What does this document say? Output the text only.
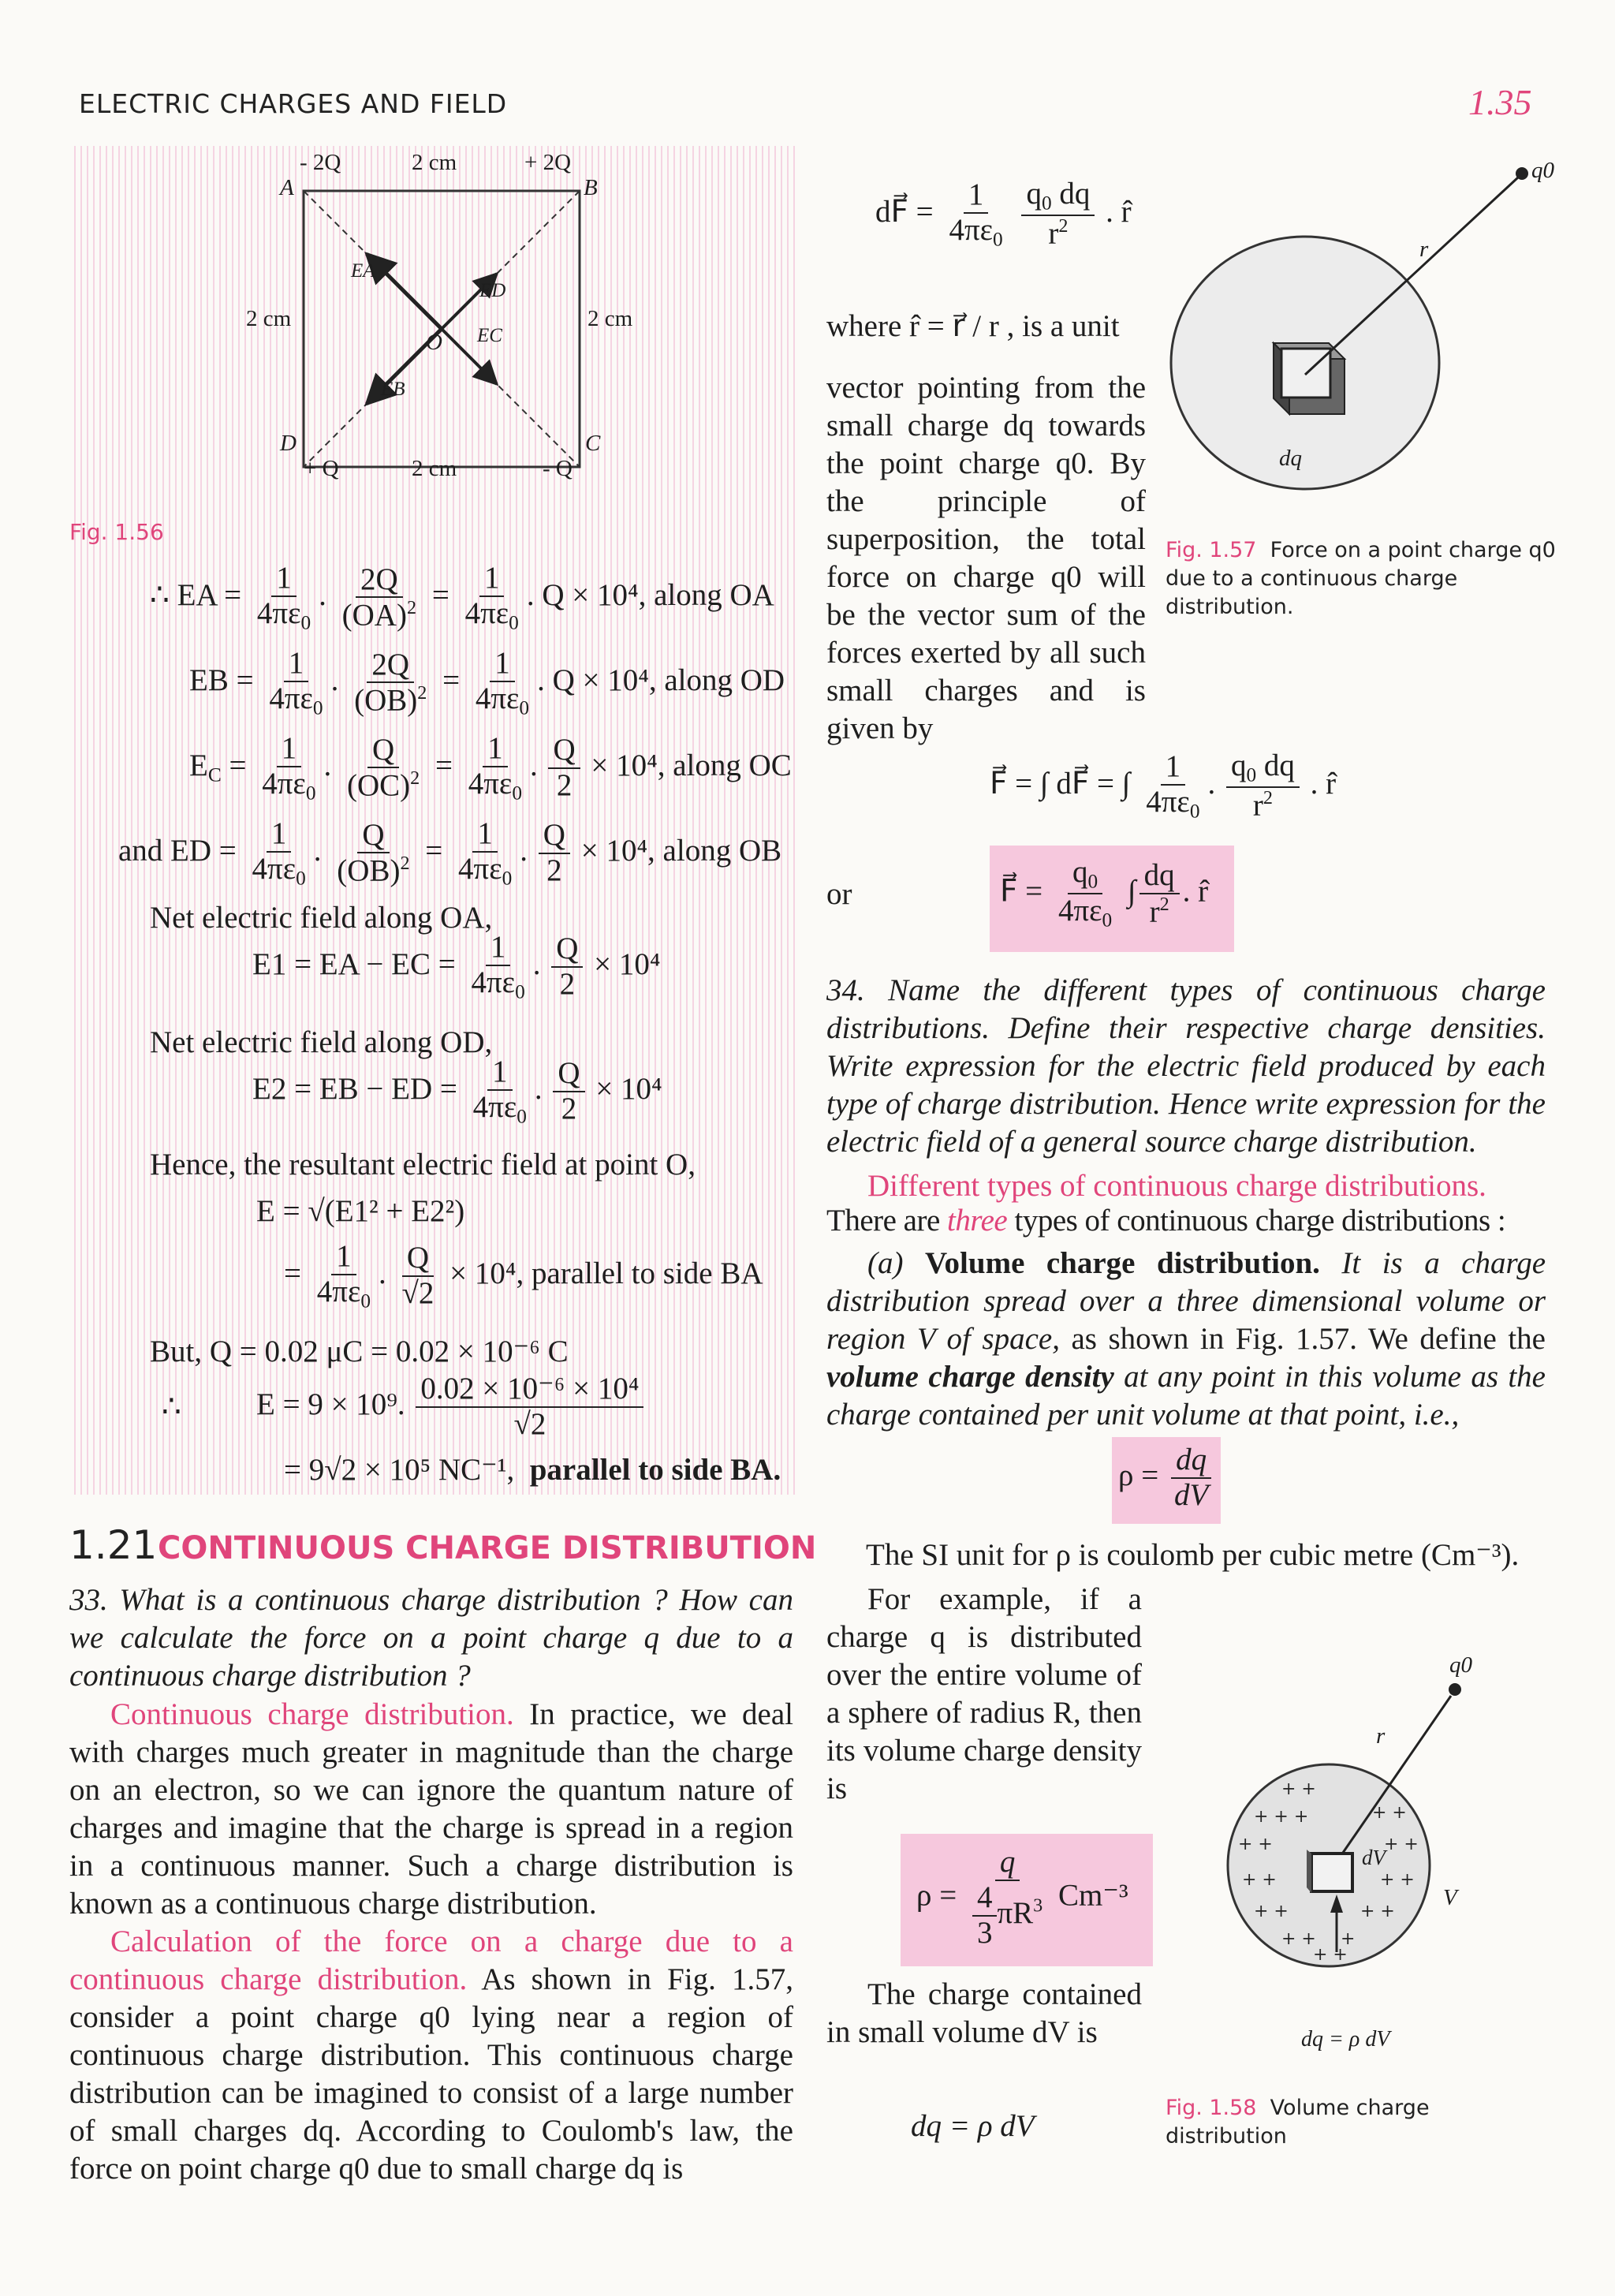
ELECTRIC CHARGES AND FIELD	1.35
- 2Q	2 cm	+ 2Q
A	B
2 cm	2 cm
EA
ED
EC
O
EB
D	C
+ Q	2 cm	- Q
Fig. 1.56
∴ EA = $\frac{1}{4\pi\varepsilon_0}$ . $\frac{2Q}{(OA)^2} = \frac{1}{4\pi\varepsilon_0}$ . Q × 10⁴, along OA
EB = $\frac{1}{4\pi\varepsilon_0}$ . $\frac{2Q}{(OB)^2} = \frac{1}{4\pi\varepsilon_0}$ . Q × 10⁴, along OD
$E_C = \frac{1}{4\pi\varepsilon_0}$ . $\frac{Q}{(OC)^2} = \frac{1}{4\pi\varepsilon_0}$ . $\frac{Q}{2} \times 10^4$, along OC
and ED = $\frac{1}{4\pi\varepsilon_0}$ . $\frac{Q}{(OB)^2} = \frac{1}{4\pi\varepsilon_0}$ . $\frac{Q}{2} \times 10^4$, along OB
Net electric field along OA,
E1 = EA − EC = $\frac{1}{4\pi\varepsilon_0}$ . $\frac{Q}{2} \times 10^4$
Net electric field along OD,
E2 = EB − ED = $\frac{1}{4\pi\varepsilon_0}$ . $\frac{Q}{2} \times 10^4$
Hence, the resultant electric field at point O,
E = √(E1² + E2²)
= $\frac{1}{4\pi\varepsilon_0}$ . $\frac{Q}{√2} \times 10^4$, parallel to side BA
But, Q = 0.02 μC = 0.02 × 10⁻⁶ C
∴ E = 9 × 10⁹. $\frac{\text{0.02 × 10⁻⁶ × 10⁴}}{√2}$
= 9√2 × 10⁵ NC⁻¹, parallel to side BA.
1.21 CONTINUOUS CHARGE DISTRIBUTION
33. What is a continuous charge distribution ? How can we calculate the force on a point charge q due to a continuous charge distribution ?
Continuous charge distribution. In practice, we deal with charges much greater in magnitude than the charge on an electron, so we can ignore the quantum nature of charges and imagine that the charge is spread in a region in a continuous manner. Such a charge distribution is known as a continuous charge distribution.
Calculation of the force on a charge due to a continuous charge distribution. As shown in Fig. 1.57, consider a point charge q0 lying near a region of continuous charge distribution. This continuous charge distribution can be imagined to consist of a large number of small charges dq. According to Coulomb's law, the force on point charge q0 due to small charge dq is
dF⃗ = $\frac{1}{4\pi\varepsilon_0}$
$\frac{q_0 dq}{r^2}$ . r̂
where r̂ = r⃗ / r , is a unit
vector pointing from the small charge dq towards the point charge q0. By the principle of superposition, the total force on charge q0 will be the vector sum of the forces exerted by all such small charges and is given by
q0
r⃗
dq
Fig. 1.57 Force on a point charge q0 due to a continuous charge distribution.
F⃗ = ∫ dF⃗ = ∫ $\frac{1}{4\pi\varepsilon_0}$ . $\frac{q_0 dq}{r^2}$ . r̂
or	F⃗ = $\frac{q_0}{4\pi\varepsilon_0}$ ∫ $\frac{dq}{r^2}$ . r̂
34. Name the different types of continuous charge distributions. Define their respective charge densities. Write expression for the electric field produced by each type of charge distribution. Hence write expression for the electric field of a general source charge distribution.
Different types of continuous charge distributions.
There are three types of continuous charge distributions :
(a) Volume charge distribution. It is a charge distribution spread over a three dimensional volume or region V of space, as shown in Fig. 1.57. We define the volume charge density at any point in this volume as the charge contained per unit volume at that point, i.e.,
$\rho = \frac{dq}{dV}$
The SI unit for ρ is coulomb per cubic metre (Cm⁻³).
For example, if a charge q is distributed over the entire volume of a sphere of radius R, then its volume charge density is
$\rho = \frac{q}{\frac{4}{3} \pi R^3} Cm^{-3}$
The charge contained in small volume dV is
dq = ρ dV
+ +
+ + +	+ +
+ +	+ +
+ +	+ +
+ +	+ +
+ + +
+ +
q0
r⃗
dV
V
dq = ρ dV
Fig. 1.58 Volume charge distribution
